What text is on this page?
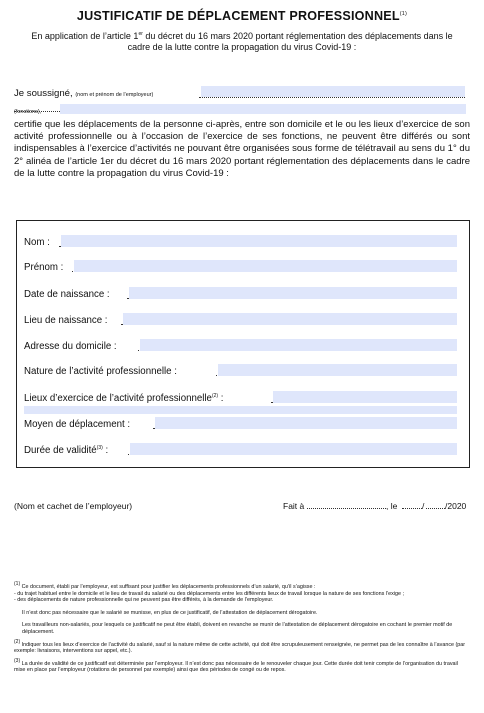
JUSTIFICATIF DE DÉPLACEMENT PROFESSIONNEL$^{(1)}$
En application de l’article 1er du décret du 16 mars 2020 portant réglementation des déplacements dans le cadre de la lutte contre la propagation du virus Covid-19 :
Je soussigné, (nom et prénom de l’employeur)
(fonctions),
certifie que les déplacements de la personne ci-après, entre son domicile et le ou les lieux d’exercice de son activité professionnelle ou à l’occasion de l’exercice de ses fonctions, ne peuvent être différés ou sont indispensables à l’exercice d’activités ne pouvant être organisées sous forme de télétravail au sens du 1° du 2° alinéa de l’article 1er du décret du 16 mars 2020 portant réglementation des déplacements dans le cadre de la lutte contre la propagation du virus Covid-19 :
Nom :
Prénom :
Date de naissance :
Lieu de naissance :
Adresse du domicile :
Nature de l’activité professionnelle :
Lieux d’exercice de l’activité professionnelle$^{(2)}$ :
Moyen de déplacement :
Durée de validité$^{(3)}$ :
(Nom et cachet de l’employeur)	Fait à	, le	/ /2020

$^{(1)}$ Ce document, établi par l’employeur, est suffisant pour justifier les déplacements professionnels d’un salarié, qu’il s’agisse :

- du trajet habituel entre le domicile et le lieu de travail du salarié ou des déplacements entre les différents lieux de travail lorsque la nature de ses fonctions l’exige ;

- des déplacements de nature professionnelle qui ne peuvent pas être différés, à la demande de l’employeur.

Il n’est donc pas nécessaire que le salarié se munisse, en plus de ce justificatif, de l’attestation de déplacement dérogatoire.

Les travailleurs non-salariés, pour lesquels ce justificatif ne peut être établi, doivent en revanche se munir de l’attestation de déplacement dérogatoire en cochant le premier motif de déplacement.

$^{(2)}$ Indiquer tous les lieux d’exercice de l’activité du salarié, sauf si la nature même de cette activité, qui doit être scrupuleusement renseignée, ne permet pas de les connaître à l’avance (par exemple: livraisons, interventions sur appel, etc.).

$^{(3)}$ La durée de validité de ce justificatif est déterminée par l’employeur. Il n’est donc pas nécessaire de le renouveler chaque jour. Cette durée doit tenir compte de l’organisation du travail mise en place par l’employeur (rotations de personnel par exemple) ainsi que des périodes de congé ou de repos.
